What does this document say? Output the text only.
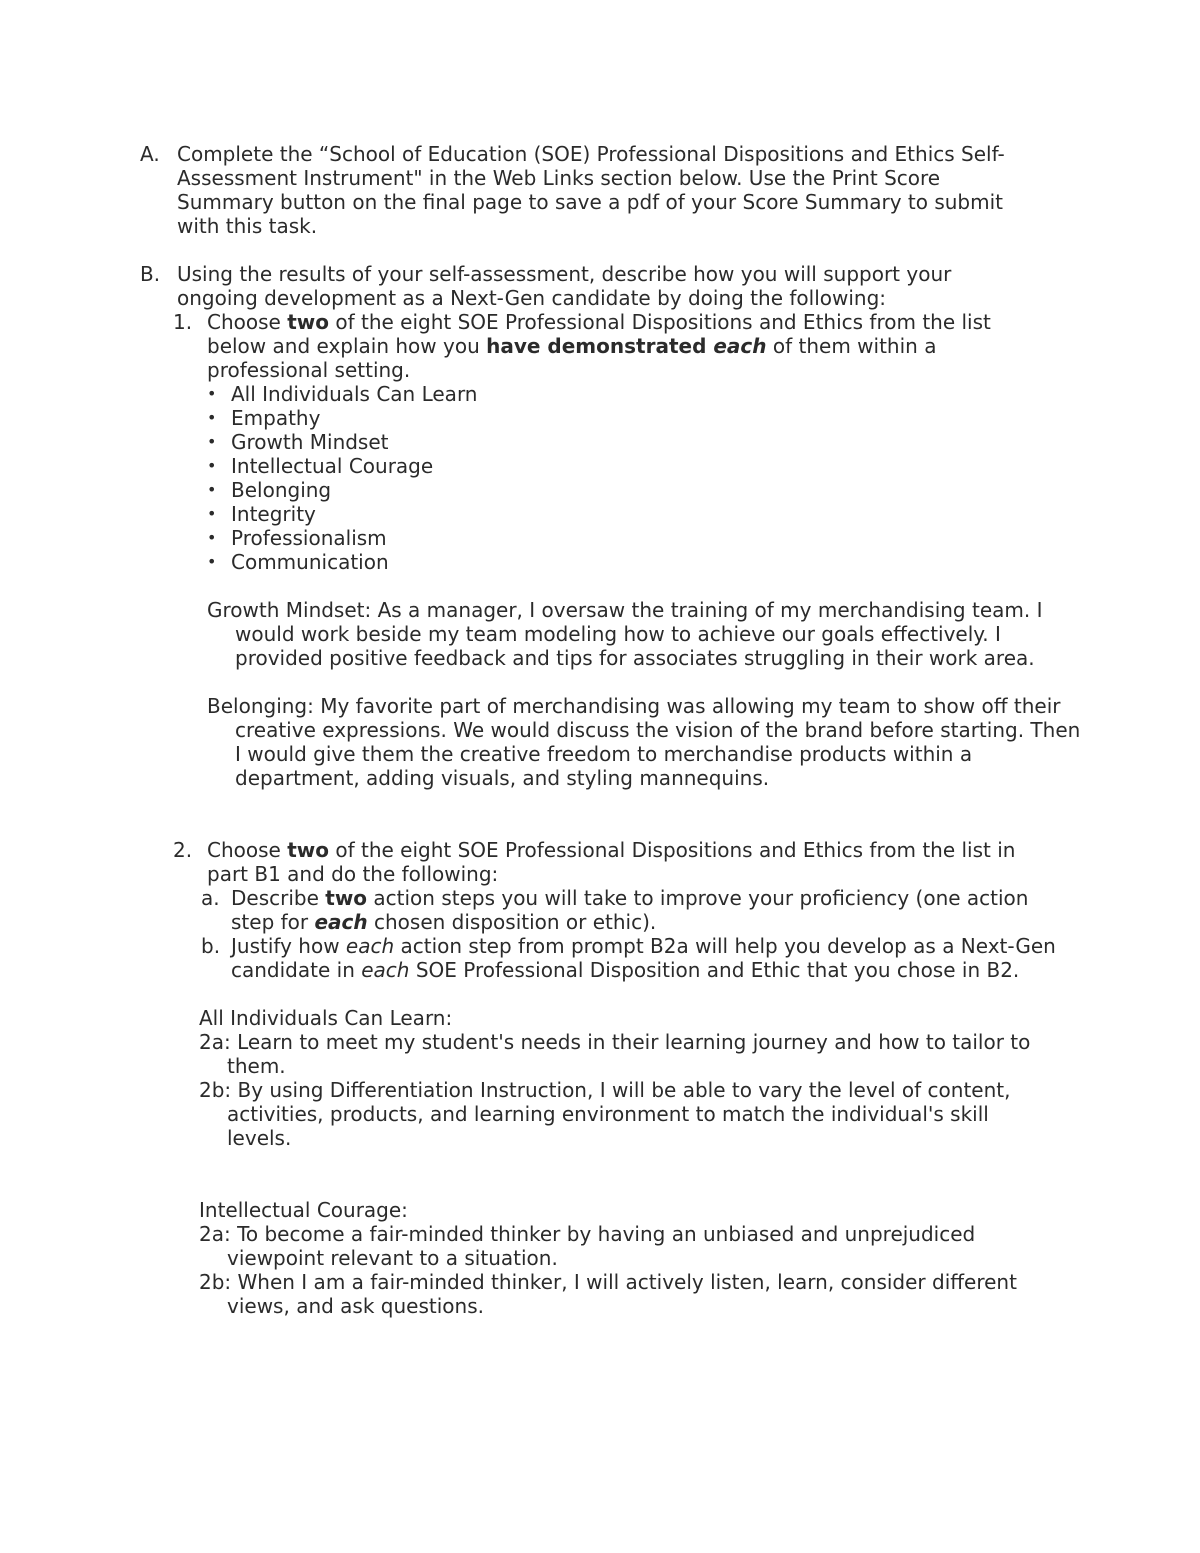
A. Complete the “School of Education (SOE) Professional Dispositions and Ethics Self-Assessment Instrument" in the Web Links section below. Use the Print Score Summary button on the final page to save a pdf of your Score Summary to submit with this task.
B. Using the results of your self-assessment, describe how you will support your ongoing development as a Next-Gen candidate by doing the following:
1. Choose two of the eight SOE Professional Dispositions and Ethics from the list below and explain how you have demonstrated each of them within a professional setting.
• All Individuals Can Learn
• Empathy
• Growth Mindset
• Intellectual Courage
• Belonging
• Integrity
• Professionalism
• Communication
Growth Mindset: As a manager, I oversaw the training of my merchandising team. I would work beside my team modeling how to achieve our goals effectively. I provided positive feedback and tips for associates struggling in their work area.
Belonging: My favorite part of merchandising was allowing my team to show off their creative expressions. We would discuss the vision of the brand before starting. Then I would give them the creative freedom to merchandise products within a department, adding visuals, and styling mannequins.
2. Choose two of the eight SOE Professional Dispositions and Ethics from the list in part B1 and do the following:
a. Describe two action steps you will take to improve your proficiency (one action step for each chosen disposition or ethic).
b. Justify how each action step from prompt B2a will help you develop as a Next-Gen candidate in each SOE Professional Disposition and Ethic that you chose in B2.
All Individuals Can Learn:
2a: Learn to meet my student's needs in their learning journey and how to tailor to them.
2b: By using Differentiation Instruction, I will be able to vary the level of content, activities, products, and learning environment to match the individual's skill levels.
Intellectual Courage:
2a: To become a fair-minded thinker by having an unbiased and unprejudiced viewpoint relevant to a situation.
2b: When I am a fair-minded thinker, I will actively listen, learn, consider different views, and ask questions.
